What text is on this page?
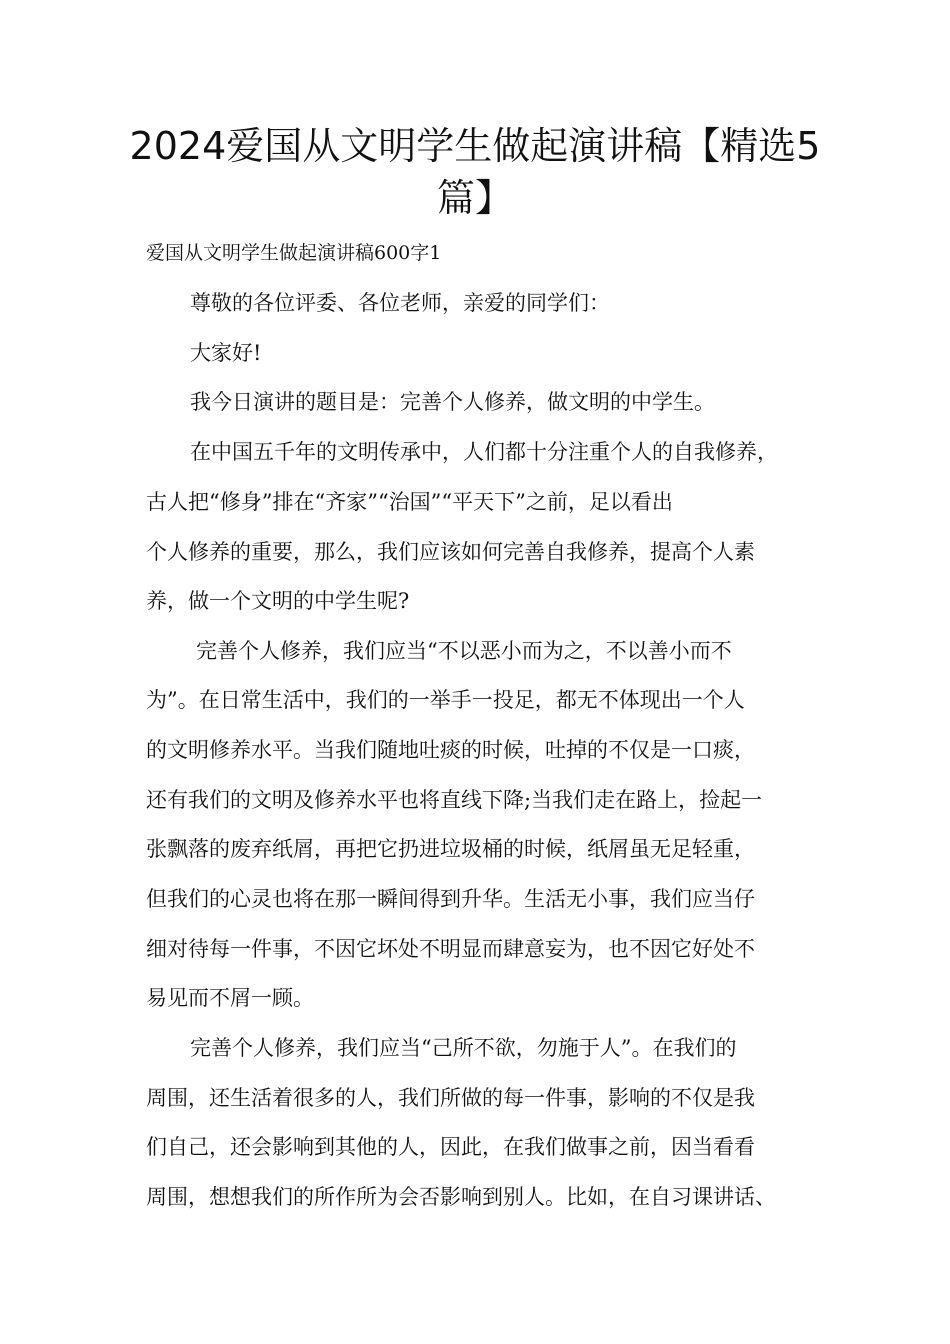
2024爱国从文明学生做起演讲稿【精选5篇】

爱国从文明学生做起演讲稿600字1

尊敬的各位评委、各位老师，亲爱的同学们：

大家好!

我今日演讲的题目是：完善个人修养，做文明的中学生。

在中国五千年的文明传承中，人们都十分注重个人的自我修养，

古人把“修身”排在“齐家”“治国”“平天下”之前，足以看出

个人修养的重要，那么，我们应该如何完善自我修养，提高个人素

养，做一个文明的中学生呢?

完善个人修养，我们应当“不以恶小而为之，不以善小而不

为”。在日常生活中，我们的一举手一投足，都无不体现出一个人

的文明修养水平。当我们随地吐痰的时候，吐掉的不仅是一口痰，

还有我们的文明及修养水平也将直线下降;当我们走在路上，捡起一

张飘落的废弃纸屑，再把它扔进垃圾桶的时候，纸屑虽无足轻重，

但我们的心灵也将在那一瞬间得到升华。生活无小事，我们应当仔

细对待每一件事，不因它坏处不明显而肆意妄为，也不因它好处不

易见而不屑一顾。

完善个人修养，我们应当“己所不欲，勿施于人”。在我们的

周围，还生活着很多的人，我们所做的每一件事，影响的不仅是我

们自己，还会影响到其他的人，因此，在我们做事之前，因当看看

周围，想想我们的所作所为会否影响到别人。比如，在自习课讲话、
